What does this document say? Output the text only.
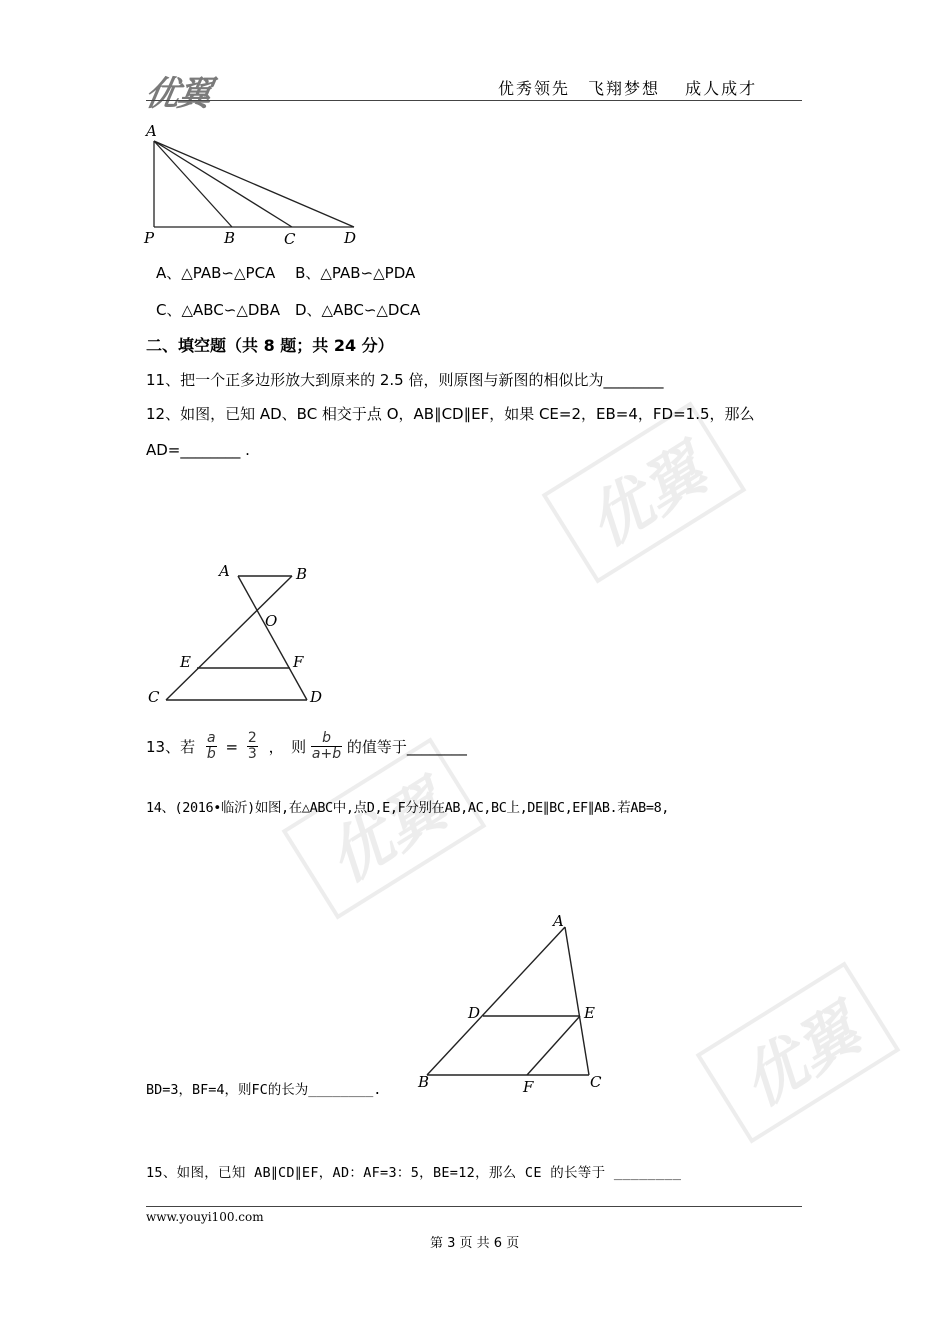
优翼
优翼
优翼
优翼	优秀领先　飞翔梦想　 成人成才
A
P	B	C	D
A、△PAB∽△PCA　 B、△PAB∽△PDA
C、△ABC∽△DBA　D、△ABC∽△DCA
二、填空题（共 8 题；共 24 分）
11、把一个正多边形放大到原来的 2.5 倍，则原图与新图的相似比为________
12、如图，已知 AD、BC 相交于点 O，AB∥CD∥EF，如果 CE=2，EB=4，FD=1.5，那么
AD=________ .
A	B
O
E	F
C	D
13、若 $\frac{a}{b} = \frac{2}{3}$ ，　则 $\frac{b}{a+b}$ 的值等于________
14、(2016•临沂)如图,在△ABC中,点D,E,F分别在AB,AC,BC上,DE∥BC,EF∥AB.若AB=8,
A
D	E
B	F	C
BD=3，BF=4，则FC的长为________.
15、如图，已知 AB∥CD∥EF，AD：AF=3：5，BE=12，那么 CE 的长等于 ________
www.youyi100.com
第 3 页 共 6 页
